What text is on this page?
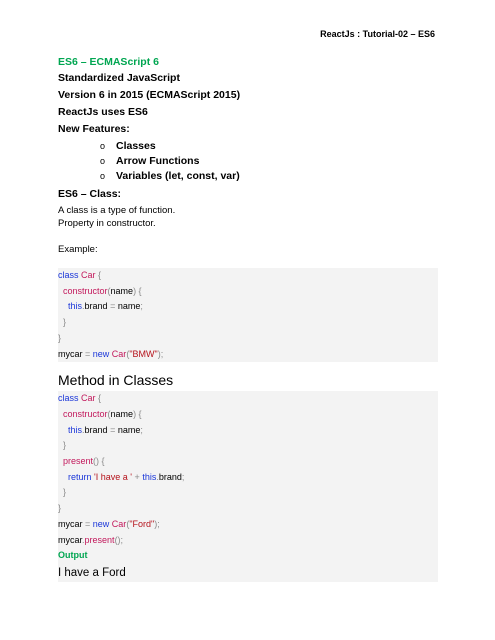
ReactJs : Tutorial-02 – ES6

ES6 – ECMAScript 6

Standardized JavaScript

Version 6 in 2015 (ECMAScript 2015)

ReactJs uses ES6

New Features:

o Classes
o Arrow Functions
o Variables (let, const, var)

ES6 – Class:

A class is a type of function.

Property in constructor.

Example:

class Car {
constructor(name) {
this.brand = name;
}
}
mycar = new Car("BMW");
Method in Classes
class Car {
constructor(name) {
this.brand = name;
}
present() {
return 'I have a ' + this.brand;
}
}
mycar = new Car("Ford");
mycar.present();
Output
I have a Ford
